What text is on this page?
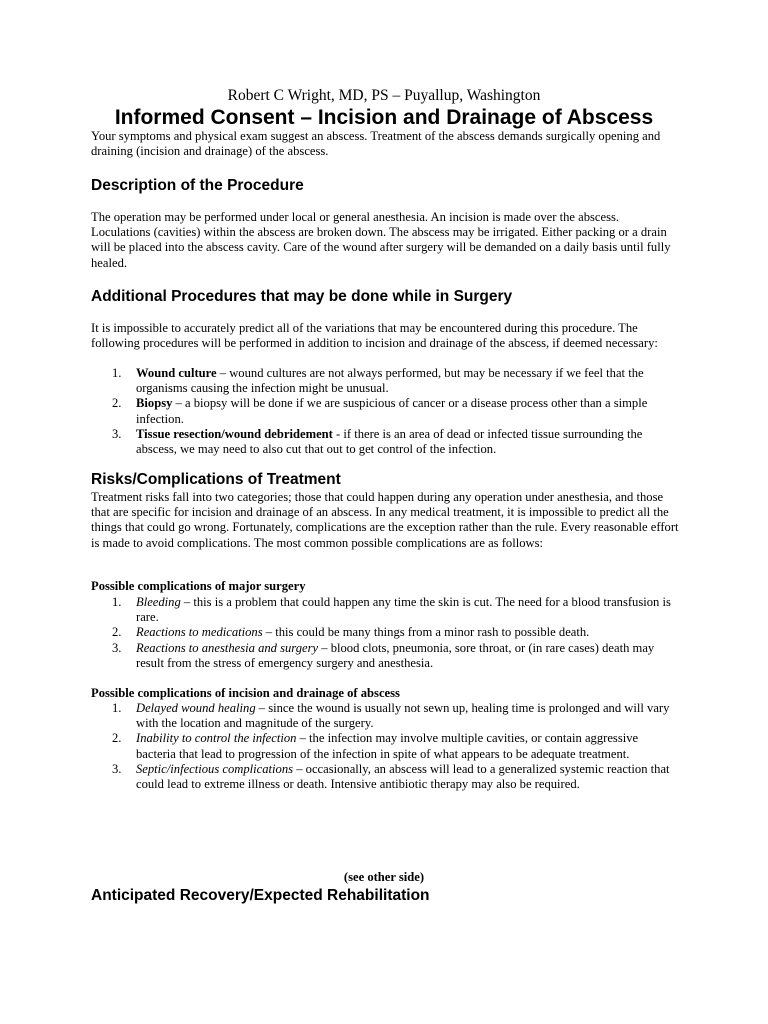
Robert C Wright, MD, PS – Puyallup, Washington
Informed Consent – Incision and Drainage of Abscess

Your symptoms and physical exam suggest an abscess. Treatment of the abscess demands surgically opening and draining (incision and drainage) of the abscess.

Description of the Procedure

The operation may be performed under local or general anesthesia. An incision is made over the abscess. Loculations (cavities) within the abscess are broken down. The abscess may be irrigated. Either packing or a drain will be placed into the abscess cavity. Care of the wound after surgery will be demanded on a daily basis until fully healed.

Additional Procedures that may be done while in Surgery

It is impossible to accurately predict all of the variations that may be encountered during this procedure. The following procedures will be performed in addition to incision and drainage of the abscess, if deemed necessary:

1. Wound culture – wound cultures are not always performed, but may be necessary if we feel that the organisms causing the infection might be unusual.
2. Biopsy – a biopsy will be done if we are suspicious of cancer or a disease process other than a simple infection.
3. Tissue resection/wound debridement - if there is an area of dead or infected tissue surrounding the abscess, we may need to also cut that out to get control of the infection.
Risks/Complications of Treatment

Treatment risks fall into two categories; those that could happen during any operation under anesthesia, and those that are specific for incision and drainage of an abscess. In any medical treatment, it is impossible to predict all the things that could go wrong. Fortunately, complications are the exception rather than the rule. Every reasonable effort is made to avoid complications. The most common possible complications are as follows:

Possible complications of major surgery
1. Bleeding – this is a problem that could happen any time the skin is cut. The need for a blood transfusion is rare.
2. Reactions to medications – this could be many things from a minor rash to possible death.
3. Reactions to anesthesia and surgery – blood clots, pneumonia, sore throat, or (in rare cases) death may result from the stress of emergency surgery and anesthesia.
Possible complications of incision and drainage of abscess
1. Delayed wound healing – since the wound is usually not sewn up, healing time is prolonged and will vary with the location and magnitude of the surgery.
2. Inability to control the infection – the infection may involve multiple cavities, or contain aggressive bacteria that lead to progression of the infection in spite of what appears to be adequate treatment.
3. Septic/infectious complications – occasionally, an abscess will lead to a generalized systemic reaction that could lead to extreme illness or death. Intensive antibiotic therapy may also be required.
(see other side)
Anticipated Recovery/Expected Rehabilitation
